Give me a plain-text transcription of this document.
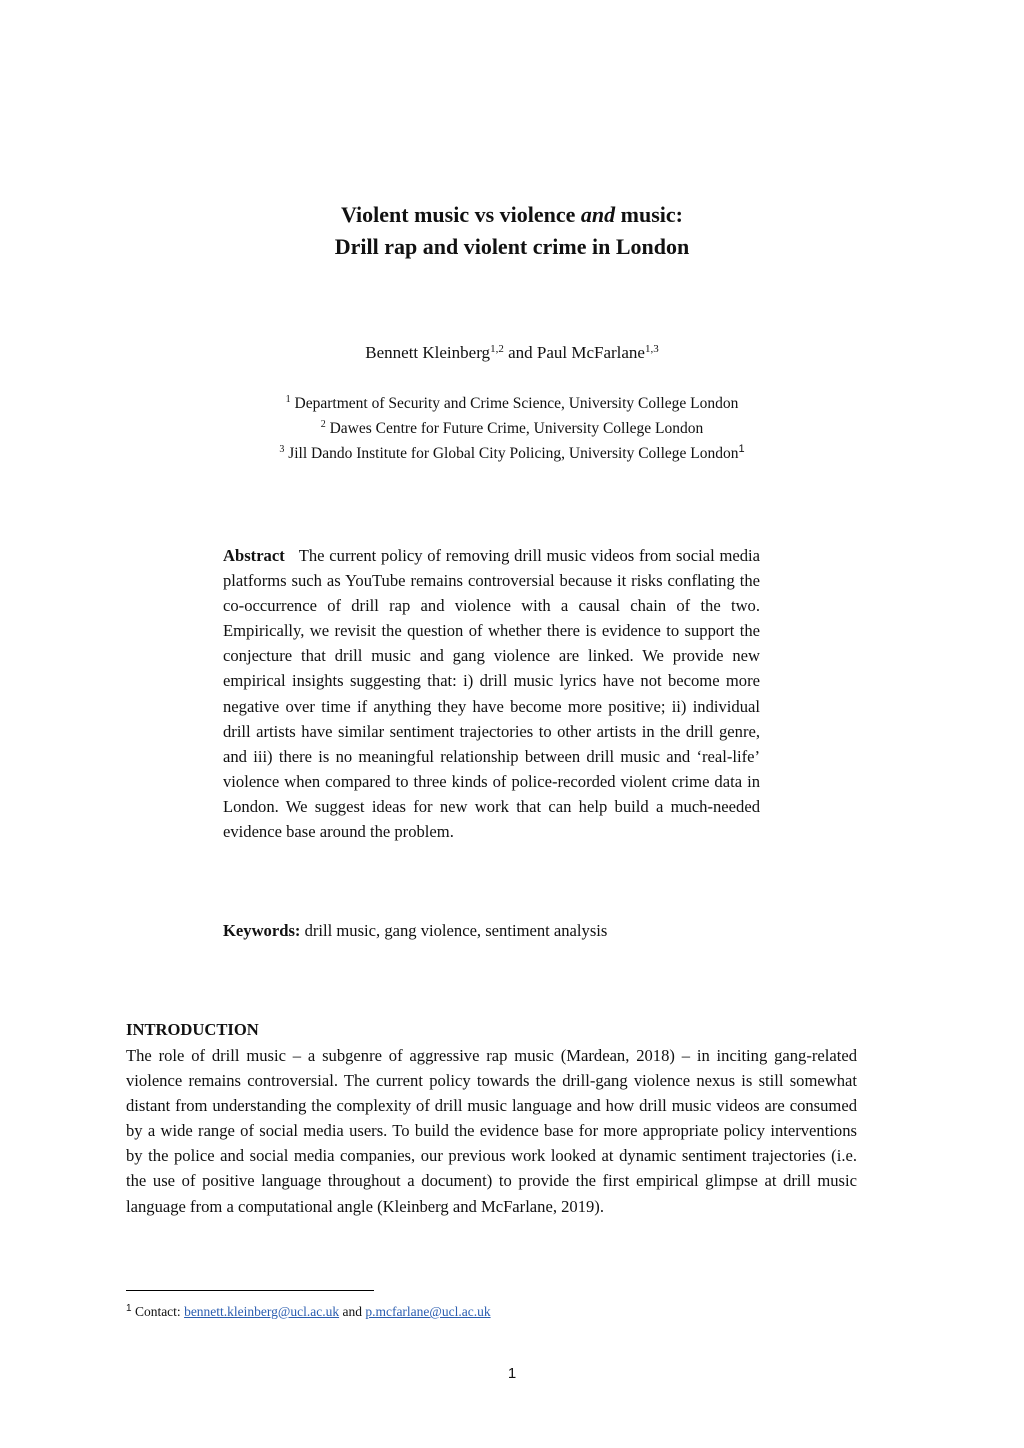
Violent music vs violence and music:
Drill rap and violent crime in London
Bennett Kleinberg$^{1,2}$ and Paul McFarlane$^{1,3}$
$^1$ Department of Security and Crime Science, University College London
$^2$ Dawes Centre for Future Crime, University College London
$^3$ Jill Dando Institute for Global City Policing, University College London$^1$
Abstract The current policy of removing drill music videos from social media platforms such as YouTube remains controversial because it risks conflating the co-occurrence of drill rap and violence with a causal chain of the two. Empirically, we revisit the question of whether there is evidence to support the conjecture that drill music and gang violence are linked. We provide new empirical insights suggesting that: i) drill music lyrics have not become more negative over time if anything they have become more positive; ii) individual drill artists have similar sentiment trajectories to other artists in the drill genre, and iii) there is no meaningful relationship between drill music and ‘real-life’ violence when compared to three kinds of police-recorded violent crime data in London. We suggest ideas for new work that can help build a much-needed evidence base around the problem.
Keywords: drill music, gang violence, sentiment analysis
INTRODUCTION
The role of drill music – a subgenre of aggressive rap music (Mardean, 2018) – in inciting gang-related violence remains controversial. The current policy towards the drill-gang violence nexus is still somewhat distant from understanding the complexity of drill music language and how drill music videos are consumed by a wide range of social media users. To build the evidence base for more appropriate policy interventions by the police and social media companies, our previous work looked at dynamic sentiment trajectories (i.e. the use of positive language throughout a document) to provide the first empirical glimpse at drill music language from a computational angle (Kleinberg and McFarlane, 2019).
$^1$ Contact: bennett.kleinberg@ucl.ac.uk and p.mcfarlane@ucl.ac.uk
1
